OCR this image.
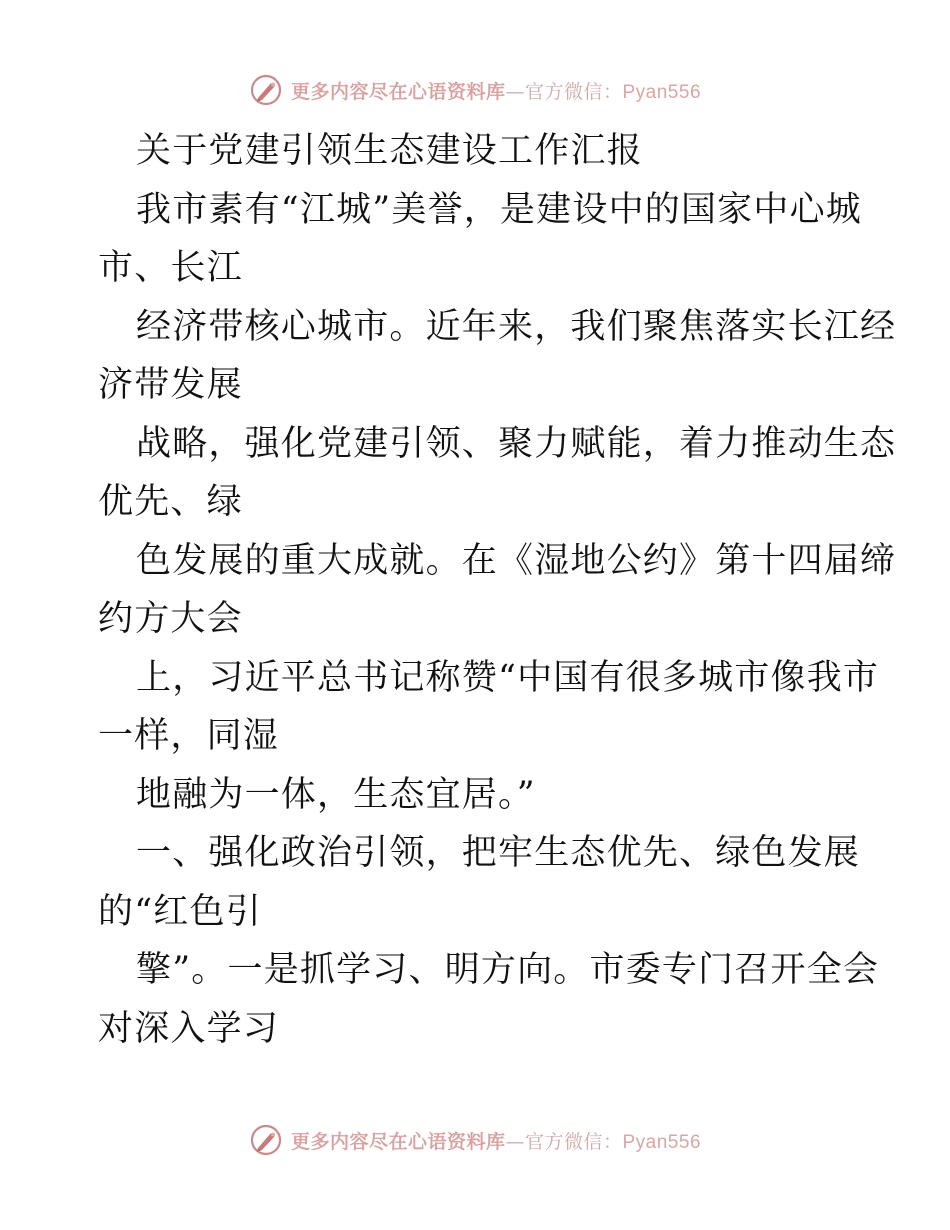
更多内容尽在心语资料库—官方微信：Pyan556
关于党建引领生态建设工作汇报
我市素有“江城”美誉，是建设中的国家中心城
市、长江
经济带核心城市。近年来，我们聚焦落实长江经
济带发展
战略，强化党建引领、聚力赋能，着力推动生态
优先、绿
色发展的重大成就。在《湿地公约》第十四届缔
约方大会
上，习近平总书记称赞“中国有很多城市像我市
一样，同湿
地融为一体，生态宜居。”
一、强化政治引领，把牢生态优先、绿色发展
的“红色引
擎”。一是抓学习、明方向。市委专门召开全会
对深入学习
更多内容尽在心语资料库—官方微信：Pyan556
